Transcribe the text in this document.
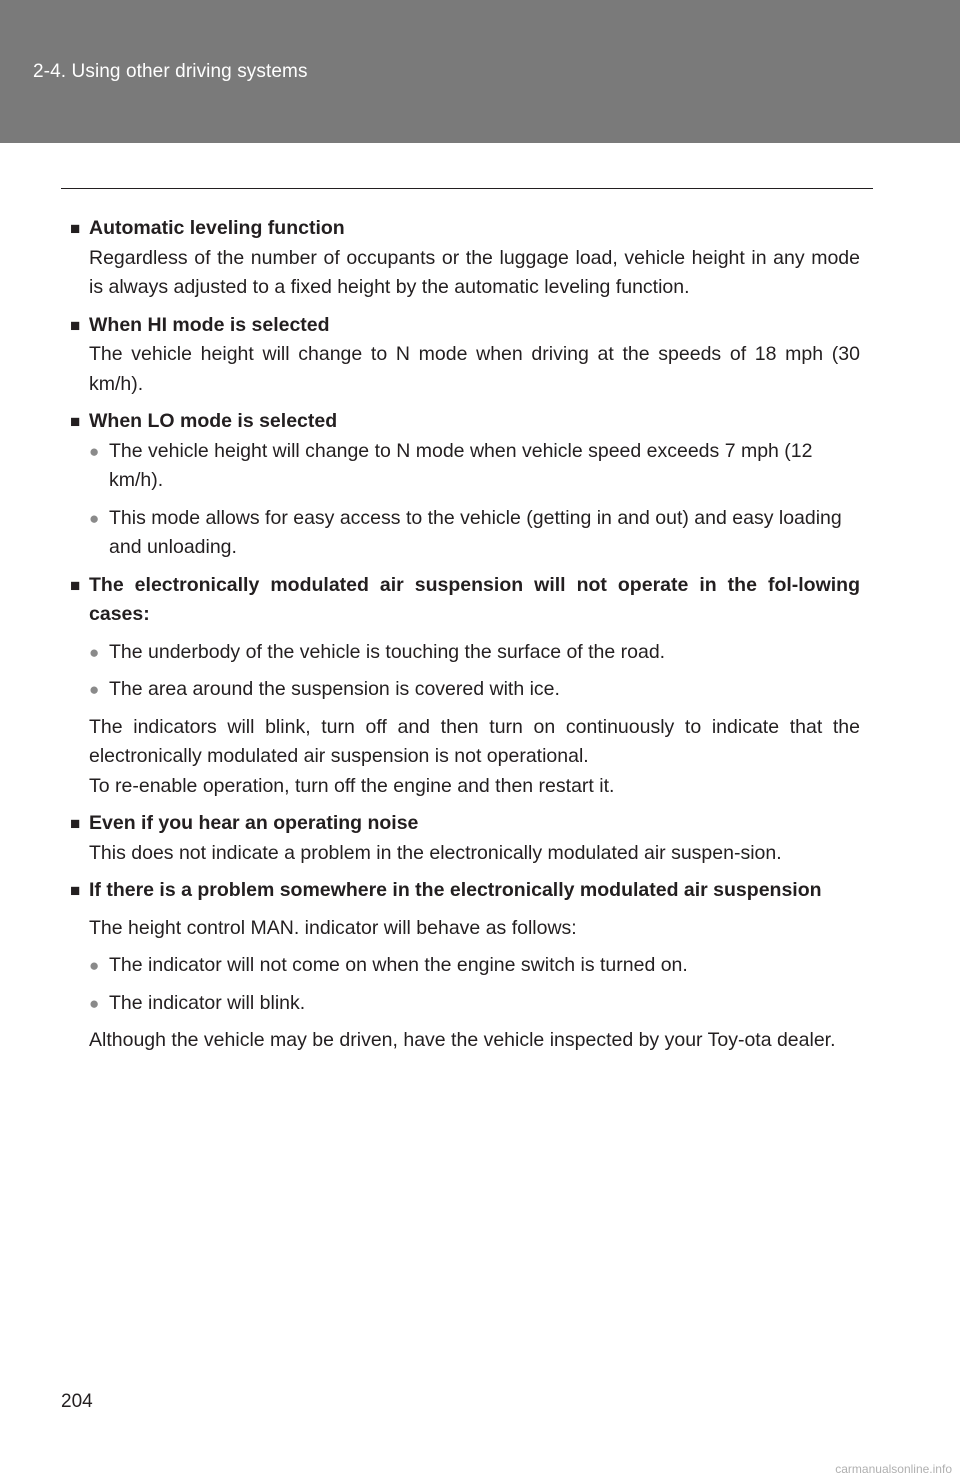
2-4. Using other driving systems
■ Automatic leveling function

Regardless of the number of occupants or the luggage load, vehicle height in any mode is always adjusted to a fixed height by the automatic leveling function.

■ When HI mode is selected

The vehicle height will change to N mode when driving at the speeds of 18 mph (30 km/h).

■ When LO mode is selected
● The vehicle height will change to N mode when vehicle speed exceeds 7 mph (12 km/h).
● This mode allows for easy access to the vehicle (getting in and out) and easy loading and unloading.
■ The electronically modulated air suspension will not operate in the fol-lowing cases:
● The underbody of the vehicle is touching the surface of the road.
● The area around the suspension is covered with ice.

The indicators will blink, turn off and then turn on continuously to indicate that the electronically modulated air suspension is not operational.

To re-enable operation, turn off the engine and then restart it.

■ Even if you hear an operating noise

This does not indicate a problem in the electronically modulated air suspen-sion.

■ If there is a problem somewhere in the electronically modulated air suspension

The height control MAN. indicator will behave as follows:

● The indicator will not come on when the engine switch is turned on.
● The indicator will blink.

Although the vehicle may be driven, have the vehicle inspected by your Toy-ota dealer.

204
carmanualsonline.info
